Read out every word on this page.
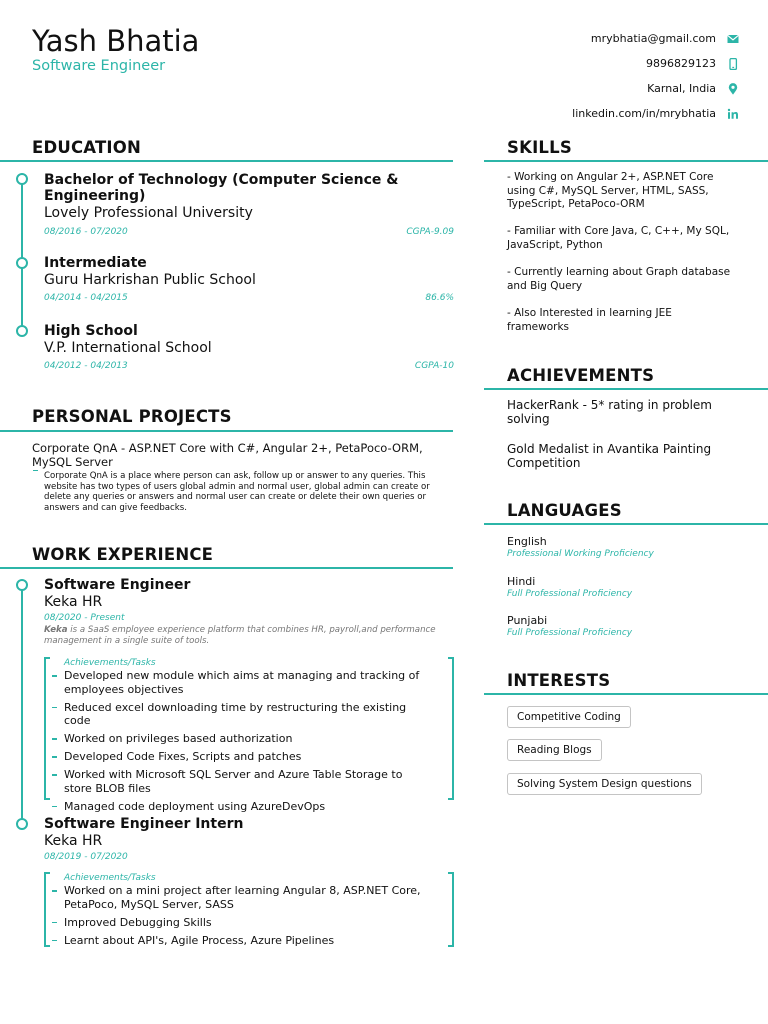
Yash Bhatia
Software Engineer
mrybhatia@gmail.com
9896829123
Karnal, India
linkedin.com/in/mrybhatia
EDUCATION
Bachelor of Technology (Computer Science & Engineering)
Lovely Professional University
08/2016 - 07/2020	CGPA-9.09
Intermediate
Guru Harkrishan Public School
04/2014 - 04/2015	86.6%
High School
V.P. International School
04/2012 - 04/2013	CGPA-10
PERSONAL PROJECTS
Corporate QnA - ASP.NET Core with C#, Angular 2+, PetaPoco-ORM, MySQL Server
Corporate QnA is a place where person can ask, follow up or answer to any queries. This website has two types of users global admin and normal user, global admin can create or delete any queries or answers and normal user can create or delete their own queries or answers and can give feedbacks.
WORK EXPERIENCE
Software Engineer
Keka HR
08/2020 - Present
Keka is a SaaS employee experience platform that combines HR, payroll,and performance management in a single suite of tools.
Achievements/Tasks
Developed new module which aims at managing and tracking of employees objectives
Reduced excel downloading time by restructuring the existing code
Worked on privileges based authorization
Developed Code Fixes, Scripts and patches
Worked with Microsoft SQL Server and Azure Table Storage to store BLOB files
Managed code deployment using AzureDevOps
Software Engineer Intern
Keka HR
08/2019 - 07/2020
Achievements/Tasks
Worked on a mini project after learning Angular 8, ASP.NET Core, PetaPoco, MySQL Server, SASS
Improved Debugging Skills
Learnt about API's, Agile Process, Azure Pipelines
SKILLS
- Working on Angular 2+, ASP.NET Core using C#, MySQL Server, HTML, SASS, TypeScript, PetaPoco-ORM
- Familiar with Core Java, C, C++, My SQL, JavaScript, Python
- Currently learning about Graph database and Big Query
- Also Interested in learning JEE frameworks
ACHIEVEMENTS
HackerRank - 5* rating in problem solving
Gold Medalist in Avantika Painting Competition
LANGUAGES
English
Professional Working Proficiency
Hindi
Full Professional Proficiency
Punjabi
Full Professional Proficiency
INTERESTS
Competitive Coding
Reading Blogs
Solving System Design questions
